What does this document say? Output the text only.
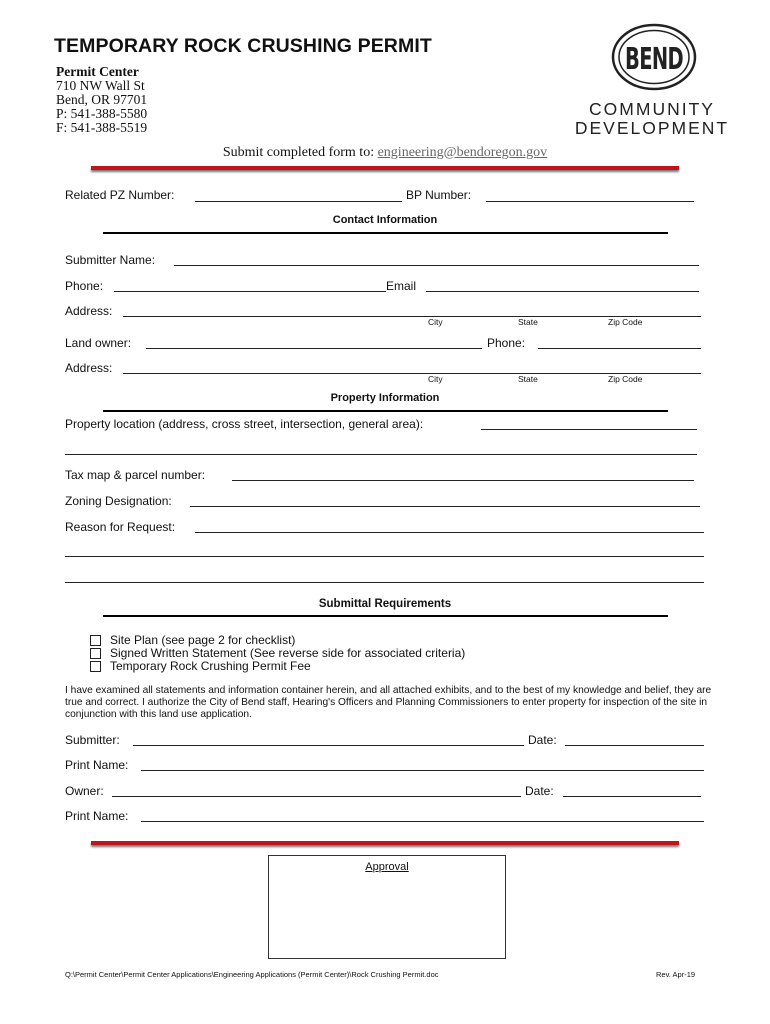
TEMPORARY ROCK CRUSHING PERMIT
Permit Center
710 NW Wall St
Bend, OR 97701
P: 541-388-5580
F: 541-388-5519
BEND
COMMUNITY
DEVELOPMENT
Submit completed form to: engineering@bendoregon.gov
Related PZ Number:	BP Number:
Contact Information
Submitter Name:
Phone:	Email
Address:
City	State	Zip Code
Land owner:	Phone:
Address:
City	State	Zip Code
Property Information
Property location (address, cross street, intersection, general area):
Tax map & parcel number:
Zoning Designation:
Reason for Request:
Submittal Requirements
Site Plan (see page 2 for checklist)
Signed Written Statement (See reverse side for associated criteria)
Temporary Rock Crushing Permit Fee
I have examined all statements and information container herein, and all attached exhibits, and to the best of my knowledge and belief, they are true and correct. I authorize the City of Bend staff, Hearing's Officers and Planning Commissioners to enter property for inspection of the site in conjunction with this land use application.
Submitter:	Date:
Print Name:
Owner:	Date:
Print Name:
Approval
Q:\Permit Center\Permit Center Applications\Engineering Applications (Permit Center)\Rock Crushing Permit.doc	Rev. Apr-19
